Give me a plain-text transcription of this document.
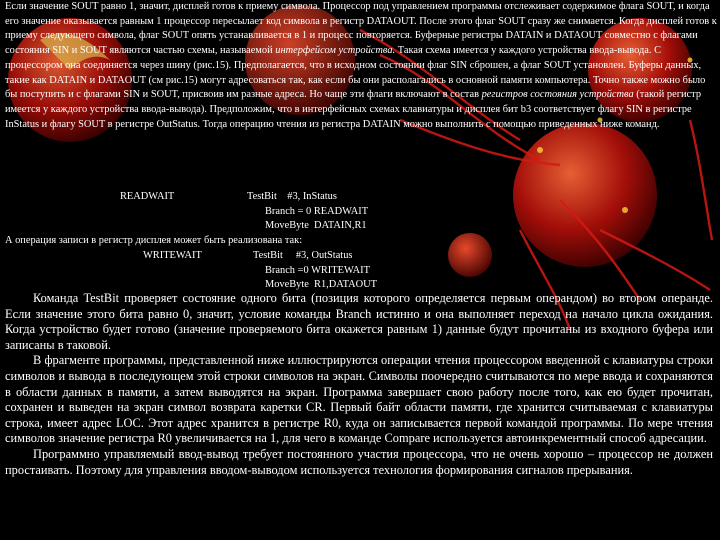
Если значение SOUT равно 1, значит, дисплей готов к приему символа. Процессор под управлением программы отслеживает содержимое флага SOUT, и когда его значение оказывается равным 1 процессор пересылает код символа в регистр DATAOUT. После этого флаг SOUT сразу же снимается. Когда дисплей готов к приему следующего символа, флаг SOUT опять устанавливается в 1 и процесс повторяется. Буферные регистры DATAIN и DATAOUT совместно с флагами состояния SIN и SOUT являются частью схемы, называемой интерфейсом устройства. Такая схема имеется у каждого устройства ввода-вывода. С процессором она соединяется через шину (рис.15). Предполагается, что в исходном состоянии флаг SIN сброшен, а флаг SOUT установлен. Буферы данных, такие как DATAIN и DATAOUT (см рис.15) могут адресоваться так, как если бы они располагались в основной памяти компьютера. Точно также можно было бы поступить и с флагами SIN и SOUT, присвоив им разные адреса. Но чаще эти флаги включают в состав регистров состояния устройства (такой регистр имеется у каждого устройства ввода-вывода). Предположим, что в интерфейсных схемах клавиатуры и дисплея бит b3 соответствует флагу SIN в регистре InStatus и флагу SOUT в регистре OutStatus. Тогда операцию чтения из регистра DATAIN можно выполнить с помощью приведенных ниже команд.

READWAIT	TestBit    #3, InStatus
Branch = 0 READWAIT
MoveByte  DATAIN,R1
А операция записи в регистр дисплея может быть реализована так:
WRITEWAIT	TestBit     #3, OutStatus
Branch =0 WRITEWAIT
MoveByte  R1,DATAOUT

Команда TestBit проверяет состояние одного бита (позиция которого определяется первым операндом) во втором операнде. Если значение этого бита равно 0, значит, условие команды Branch истинно и она выполняет переход на начало цикла ожидания. Когда устройство будет готово (значение проверяемого бита окажется равным 1) данные будут прочитаны из входного буфера или записаны в таковой.

В фрагменте программы, представленной ниже иллюстрируются операции чтения процессором введенной с клавиатуры строки символов и вывода в последующем этой строки символов на экран. Символы поочередно считываются по мере ввода и сохраняются в области данных в памяти, а затем выводятся на экран. Программа завершает свою работу после того, как ею будет прочитан, сохранен и выведен на экран символ возврата каретки CR. Первый байт области памяти, где хранится считываемая с клавиатуры строка, имеет адрес LOC. Этот адрес хранится в регистре R0, куда он записывается первой командой программы. По мере чтения символов значение регистра R0 увеличивается на 1, для чего в команде Compare используется автоинкрементный способ адресации.

Программно управляемый ввод-вывод требует постоянного участия процессора, что не очень хорошо – процессор не должен простаивать. Поэтому для управления вводом-выводом используется технология формирования сигналов прерывания.
